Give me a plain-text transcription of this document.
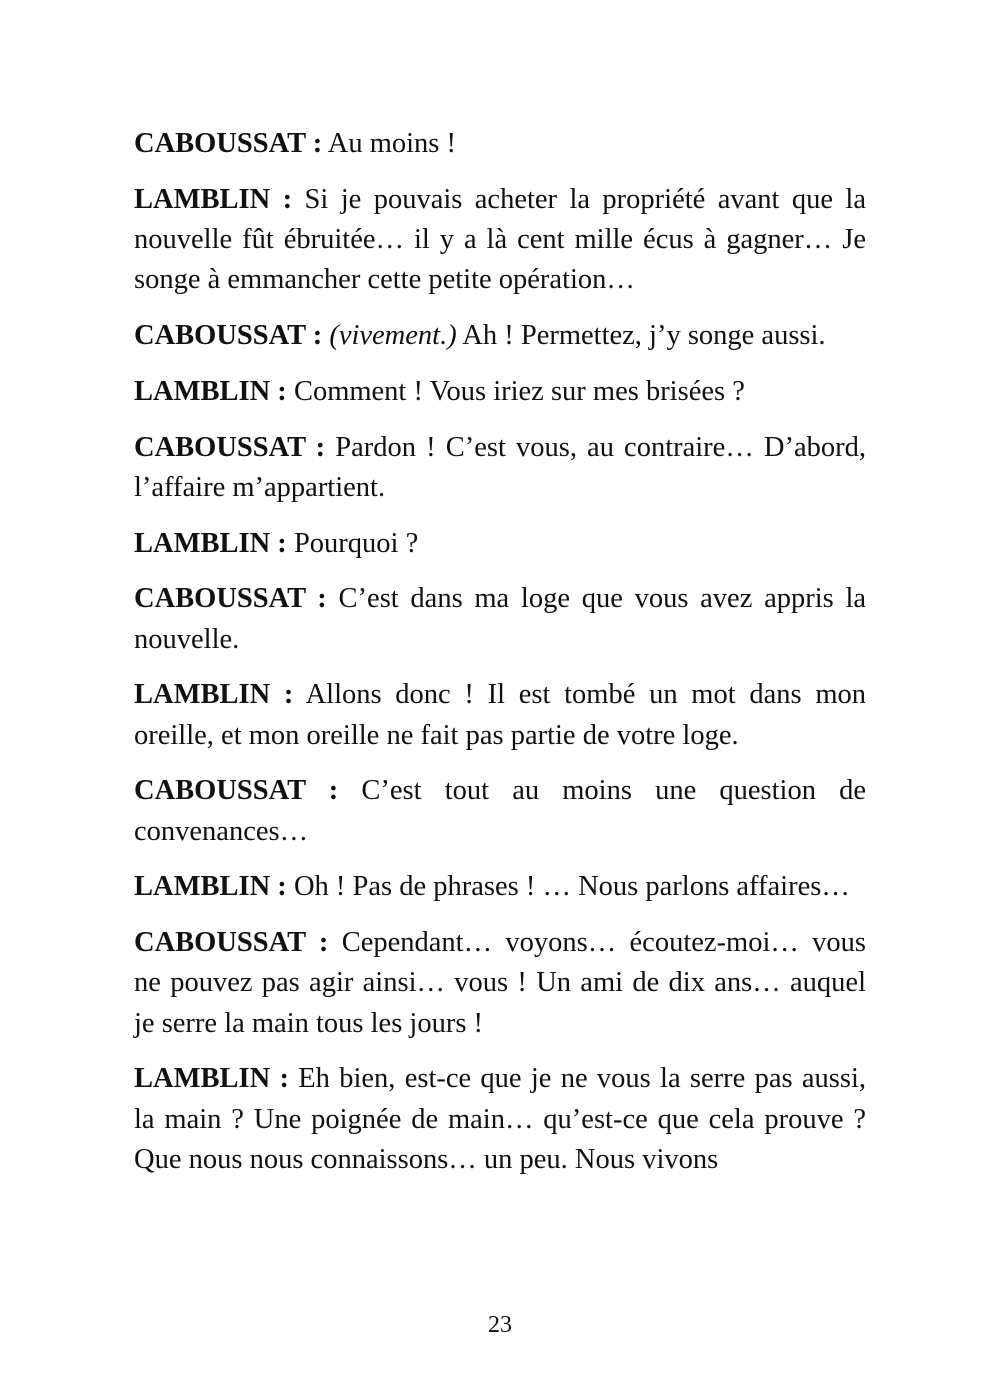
CABOUSSAT : Au moins !

LAMBLIN : Si je pouvais acheter la propriété avant que la nouvelle fût ébruitée… il y a là cent mille écus à gagner… Je songe à emmancher cette petite opération…

CABOUSSAT : (vivement.) Ah ! Permettez, j’y songe aussi.

LAMBLIN : Comment ! Vous iriez sur mes brisées ?

CABOUSSAT : Pardon ! C’est vous, au contraire… D’abord, l’affaire m’appartient.

LAMBLIN : Pourquoi ?

CABOUSSAT : C’est dans ma loge que vous avez appris la nouvelle.

LAMBLIN : Allons donc ! Il est tombé un mot dans mon oreille, et mon oreille ne fait pas partie de votre loge.

CABOUSSAT : C’est tout au moins une question de convenances…

LAMBLIN : Oh ! Pas de phrases ! … Nous parlons affaires…

CABOUSSAT : Cependant… voyons… écoutez-moi… vous ne pouvez pas agir ainsi… vous ! Un ami de dix ans… auquel je serre la main tous les jours !

LAMBLIN : Eh bien, est-ce que je ne vous la serre pas aussi, la main ? Une poignée de main… qu’est-ce que cela prouve ? Que nous nous connaissons… un peu. Nous vivons

23
